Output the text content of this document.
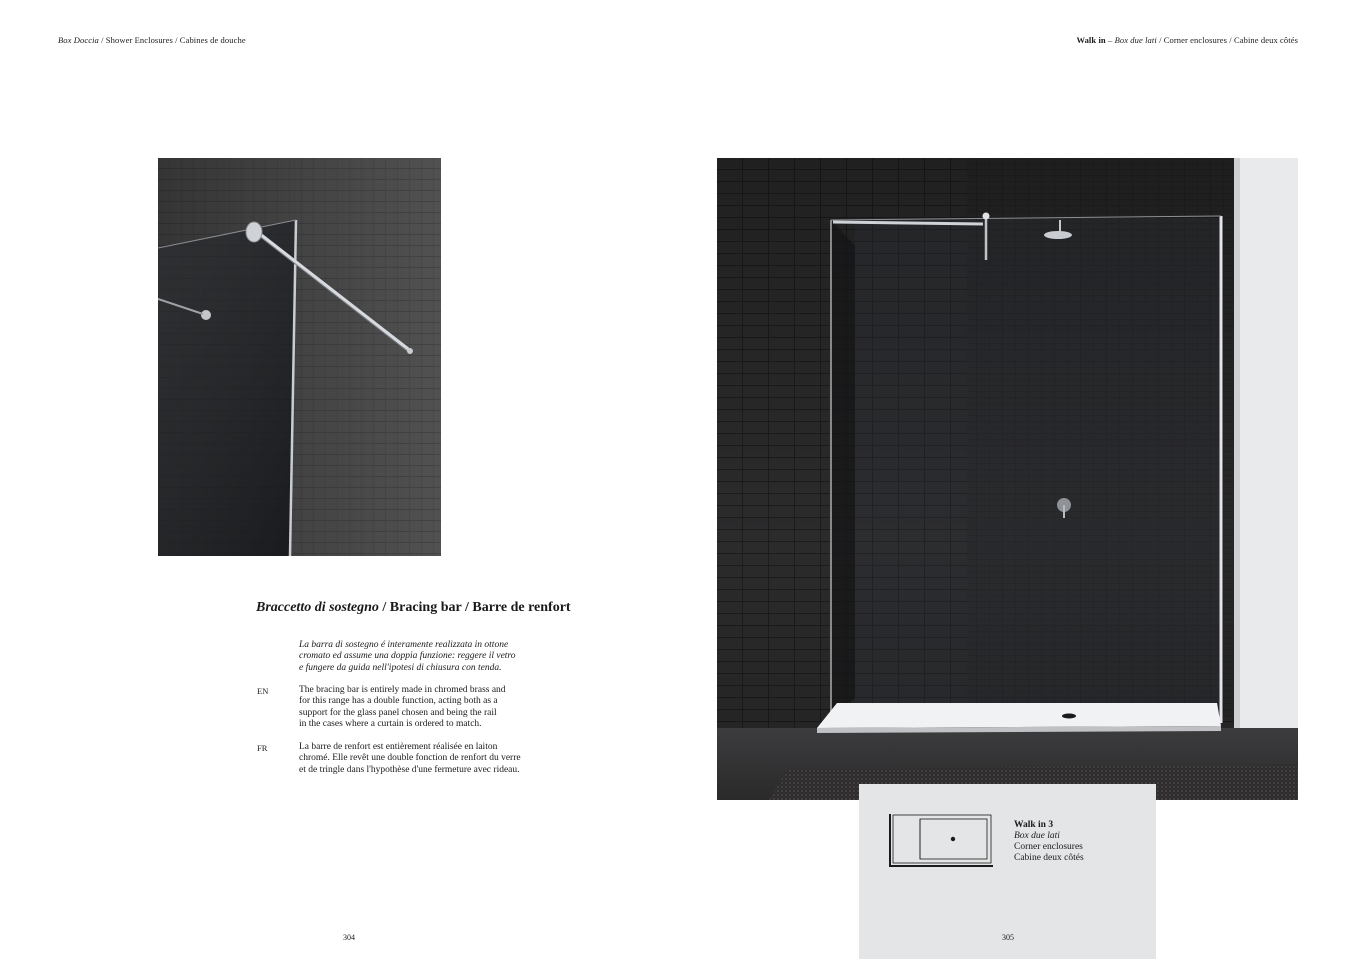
Box Doccia / Shower Enclosures / Cabines de douche	Walk in – Box due lati / Corner enclosures / Cabine deux côtés
Braccetto di sostegno / Bracing bar / Barre de renfort

La barra di sostegno é interamente realizzata in ottone

cromato ed assume una doppia funzione: reggere il vetro

e fungere da guida nell'ipotesi di chiusura con tenda.

EN	The bracing bar is entirely made in chromed brass and

for this range has a double function, acting both as a

support for the glass panel chosen and being the rail

in the cases where a curtain is ordered to match.

FR	La barre de renfort est entièrement réalisée en laiton

chromé. Elle revêt une double fonction de renfort du verre

et de tringle dans l'hypothèse d'une fermeture avec rideau.

Walk in 3
Box due lati
Corner enclosures
Cabine deux côtés
304	305
